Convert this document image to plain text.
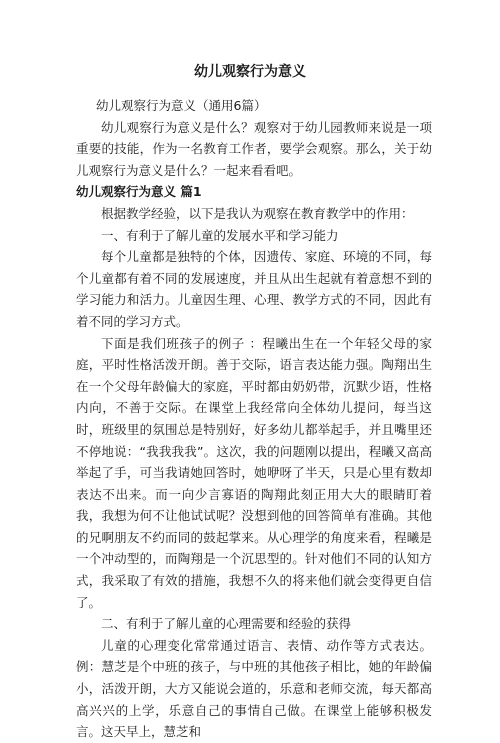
幼儿观察行为意义

幼儿观察行为意义（通用6篇）

幼儿观察行为意义是什么？观察对于幼儿园教师来说是一项重要的技能，作为一名教育工作者，要学会观察。那么，关于幼儿观察行为意义是什么？一起来看看吧。

幼儿观察行为意义 篇1

根据教学经验，以下是我认为观察在教育教学中的作用：

一、有利于了解儿童的发展水平和学习能力

每个儿童都是独特的个体，因遗传、家庭、环境的不同，每个儿童都有着不同的发展速度，并且从出生起就有着意想不到的学习能力和活力。儿童因生理、心理、教学方式的不同，因此有着不同的学习方式。

下面是我们班孩子的例子 ：程曦出生在一个年轻父母的家庭，平时性格活泼开朗。善于交际，语言表达能力强。陶翔出生在一个父母年龄偏大的家庭，平时都由奶奶带，沉默少语，性格内向，不善于交际。在课堂上我经常向全体幼儿提问，每当这时，班级里的氛围总是特别好，好多幼儿都举起手，并且嘴里还不停地说：“我我我我”。这次，我的问题刚以提出，程曦又高高举起了手，可当我请她回答时，她咿呀了半天，只是心里有数却表达不出来。而一向少言寡语的陶翔此刻正用大大的眼睛盯着我，我想为何不让他试试呢？没想到他的回答简单有准确。其他的兄啊朋友不约而同的鼓起掌来。从心理学的角度来看，程曦是一个冲动型的，而陶翔是一个沉思型的。针对他们不同的认知方式，我采取了有效的措施，我想不久的将来他们就会变得更自信了。

二、有利于了解儿童的心理需要和经验的获得

儿童的心理变化常常通过语言、表情、动作等方式表达。例：慧芝是个中班的孩子，与中班的其他孩子相比，她的年龄偏小，活泼开朗，大方又能说会道的，乐意和老师交流，每天都高高兴兴的上学，乐意自己的事情自己做。在课堂上能够积极发言。这天早上，慧芝和
